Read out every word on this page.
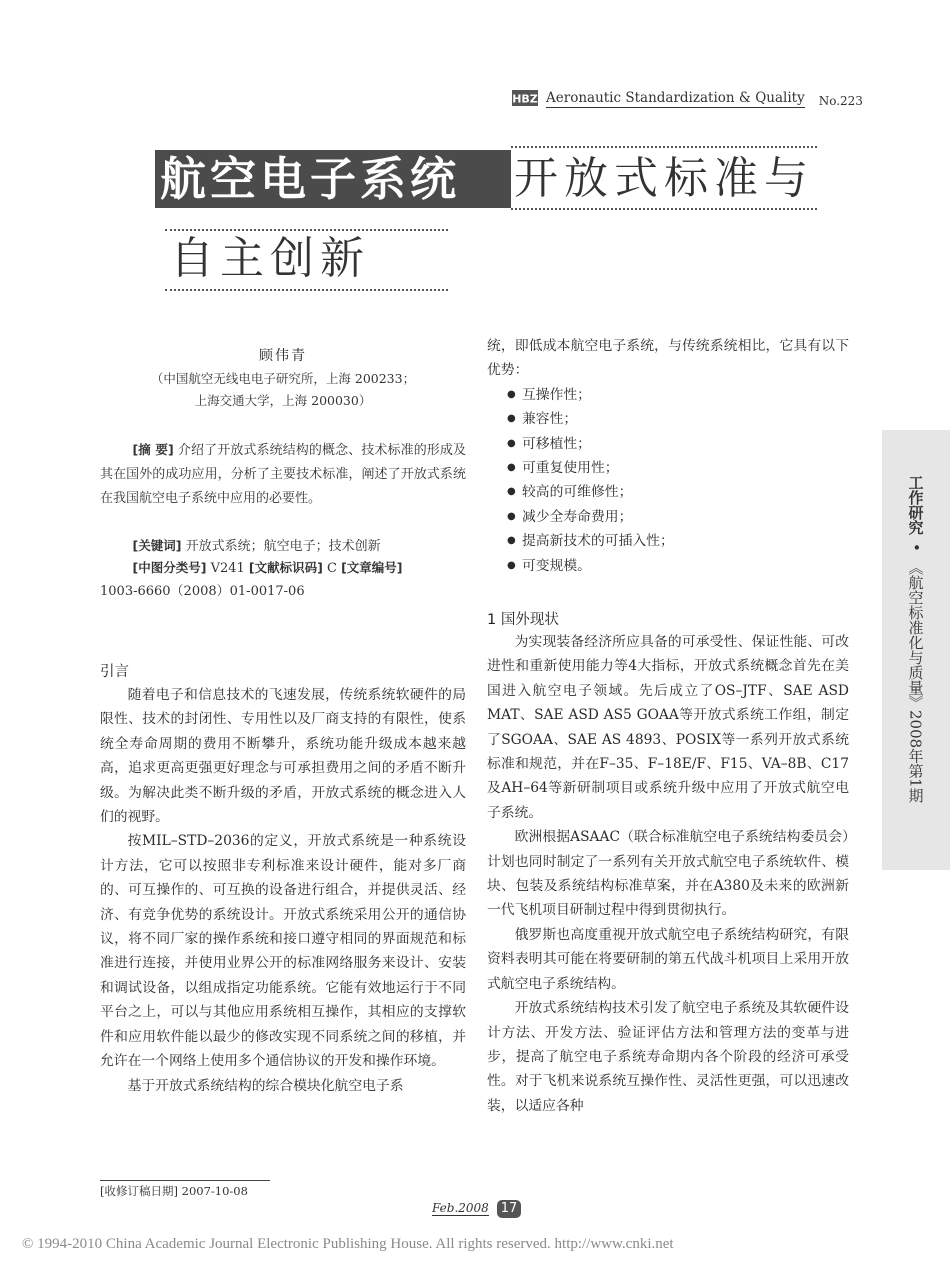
HBZ Aeronautic Standardization & Quality No.223
航空电子系统 开放式标准与
自主创新
顾伟青
（中国航空无线电电子研究所，上海 200233；
上海交通大学，上海 200030）
[摘 要] 介绍了开放式系统结构的概念、技术标准的形成及其在国外的成功应用，分析了主要技术标准，阐述了开放式系统在我国航空电子系统中应用的必要性。
[关键词] 开放式系统；航空电子；技术创新
[中图分类号] V241 [文献标识码] C [文章编号]
1003-6660（2008）01-0017-06
引言

随着电子和信息技术的飞速发展，传统系统软硬件的局限性、技术的封闭性、专用性以及厂商支持的有限性，使系统全寿命周期的费用不断攀升，系统功能升级成本越来越高，追求更高更强更好理念与可承担费用之间的矛盾不断升级。为解决此类不断升级的矛盾，开放式系统的概念进入人们的视野。

按MIL–STD–2036的定义，开放式系统是一种系统设计方法，它可以按照非专利标准来设计硬件，能对多厂商的、可互操作的、可互换的设备进行组合，并提供灵活、经济、有竞争优势的系统设计。开放式系统采用公开的通信协议，将不同厂家的操作系统和接口遵守相同的界面规范和标准进行连接，并使用业界公开的标准网络服务来设计、安装和调试设备，以组成指定功能系统。它能有效地运行于不同平台之上，可以与其他应用系统相互操作，其相应的支撑软件和应用软件能以最少的修改实现不同系统之间的移植，并允许在一个网络上使用多个通信协议的开发和操作环境。

基于开放式系统结构的综合模块化航空电子系

[收修订稿日期] 2007-10-08

统，即低成本航空电子系统，与传统系统相比，它具有以下优势：

● 互操作性；
● 兼容性；
● 可移植性；
● 可重复使用性；
● 较高的可维修性；
● 减少全寿命费用；
● 提高新技术的可插入性；
● 可变规模。
1 国外现状

为实现装备经济所应具备的可承受性、保证性能、可改进性和重新使用能力等4大指标，开放式系统概念首先在美国进入航空电子领域。先后成立了OS–JTF、SAE ASD MAT、SAE ASD AS5 GOAA等开放式系统工作组，制定了SGOAA、SAE AS 4893、POSIX等一系列开放式系统标准和规范，并在F–35、F–18E/F、F15、VA–8B、C17及AH–64等新研制项目或系统升级中应用了开放式航空电子系统。

欧洲根据ASAAC（联合标准航空电子系统结构委员会）计划也同时制定了一系列有关开放式航空电子系统软件、模块、包装及系统结构标准草案，并在A380及未来的欧洲新一代飞机项目研制过程中得到贯彻执行。

俄罗斯也高度重视开放式航空电子系统结构研究，有限资料表明其可能在将要研制的第五代战斗机项目上采用开放式航空电子系统结构。

开放式系统结构技术引发了航空电子系统及其软硬件设计方法、开发方法、验证评估方法和管理方法的变革与进步，提高了航空电子系统寿命期内各个阶段的经济可承受性。对于飞机来说系统互操作性、灵活性更强，可以迅速改装，以适应各种

工作研究
•
《航空标准化与质量》2008年第1期
Feb.2008 17
© 1994-2010 China Academic Journal Electronic Publishing House. All rights reserved. http://www.cnki.net
